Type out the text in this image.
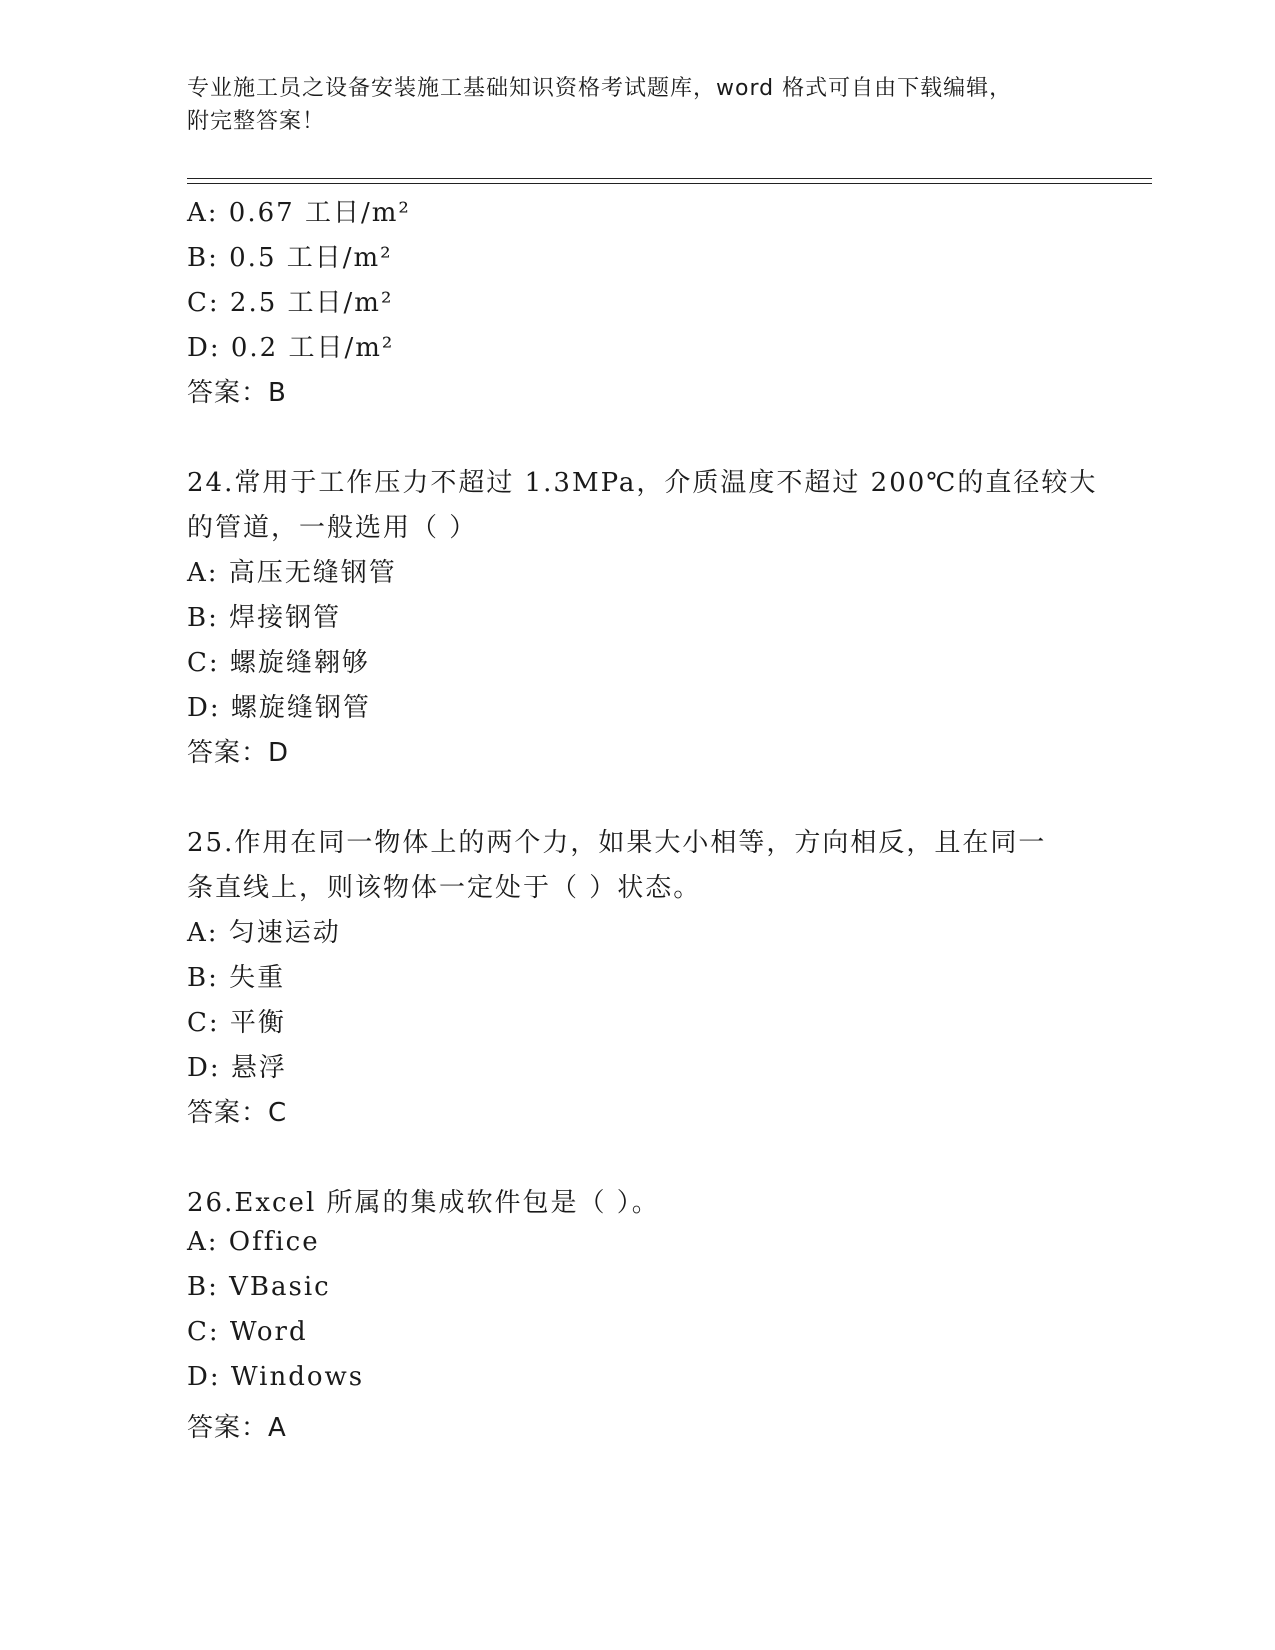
专业施工员之设备安装施工基础知识资格考试题库，word 格式可自由下载编辑，
附完整答案！
A: 0.67 工日/m²
B: 0.5 工日/m²
C: 2.5 工日/m²
D: 0.2 工日/m²
答案：B
24.常用于工作压力不超过 1.3MPa，介质温度不超过 200℃的直径较大
的管道，一般选用（ ）
A: 高压无缝钢管
B: 焊接钢管
C: 螺旋缝翱够
D: 螺旋缝钢管
答案：D
25.作用在同一物体上的两个力，如果大小相等，方向相反，且在同一
条直线上，则该物体一定处于（ ）状态。
A: 匀速运动
B: 失重
C: 平衡
D: 悬浮
答案：C
26.Excel 所属的集成软件包是（ ）。
A: Office
B: VBasic
C: Word
D: Windows
答案：A
